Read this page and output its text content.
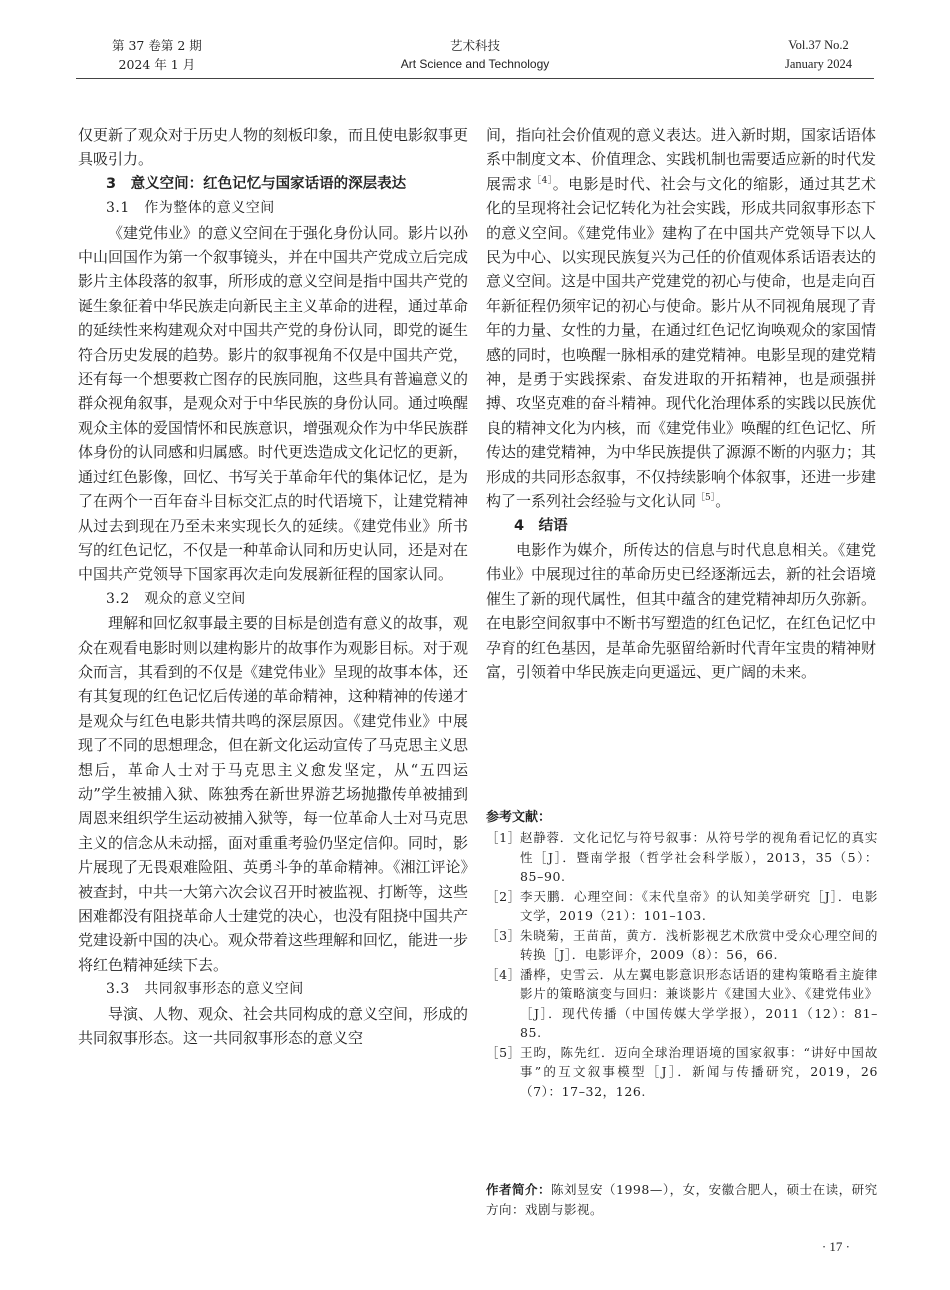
第 37 卷第 2 期
2024 年 1 月
艺术科技
Art Science and Technology
Vol.37 No.2
January 2024

仅更新了观众对于历史人物的刻板印象，而且使电影叙事更具吸引力。

3　意义空间：红色记忆与国家话语的深层表达

3.1　作为整体的意义空间

《建党伟业》的意义空间在于强化身份认同。影片以孙中山回国作为第一个叙事镜头，并在中国共产党成立后完成影片主体段落的叙事，所形成的意义空间是指中国共产党的诞生象征着中华民族走向新民主主义革命的进程，通过革命的延续性来构建观众对中国共产党的身份认同，即党的诞生符合历史发展的趋势。影片的叙事视角不仅是中国共产党，还有每一个想要救亡图存的民族同胞，这些具有普遍意义的群众视角叙事，是观众对于中华民族的身份认同。通过唤醒观众主体的爱国情怀和民族意识，增强观众作为中华民族群体身份的认同感和归属感。时代更迭造成文化记忆的更新，通过红色影像，回忆、书写关于革命年代的集体记忆，是为了在两个一百年奋斗目标交汇点的时代语境下，让建党精神从过去到现在乃至未来实现长久的延续。《建党伟业》所书写的红色记忆，不仅是一种革命认同和历史认同，还是对在中国共产党领导下国家再次走向发展新征程的国家认同。

3.2　观众的意义空间

理解和回忆叙事最主要的目标是创造有意义的故事，观众在观看电影时则以建构影片的故事作为观影目标。对于观众而言，其看到的不仅是《建党伟业》呈现的故事本体，还有其复现的红色记忆后传递的革命精神，这种精神的传递才是观众与红色电影共情共鸣的深层原因。《建党伟业》中展现了不同的思想理念，但在新文化运动宣传了马克思主义思想后，革命人士对于马克思主义愈发坚定，从“五四运动”学生被捕入狱、陈独秀在新世界游艺场抛撒传单被捕到周恩来组织学生运动被捕入狱等，每一位革命人士对马克思主义的信念从未动摇，面对重重考验仍坚定信仰。同时，影片展现了无畏艰难险阻、英勇斗争的革命精神。《湘江评论》被查封，中共一大第六次会议召开时被监视、打断等，这些困难都没有阻挠革命人士建党的决心，也没有阻挠中国共产党建设新中国的决心。观众带着这些理解和回忆，能进一步将红色精神延续下去。

3.3　共同叙事形态的意义空间

导演、人物、观众、社会共同构成的意义空间，形成的共同叙事形态。这一共同叙事形态的意义空

间，指向社会价值观的意义表达。进入新时期，国家话语体系中制度文本、价值理念、实践机制也需要适应新的时代发展需求$^{[4]}$。电影是时代、社会与文化的缩影，通过其艺术化的呈现将社会记忆转化为社会实践，形成共同叙事形态下的意义空间。《建党伟业》建构了在中国共产党领导下以人民为中心、以实现民族复兴为己任的价值观体系话语表达的意义空间。这是中国共产党建党的初心与使命，也是走向百年新征程仍须牢记的初心与使命。影片从不同视角展现了青年的力量、女性的力量，在通过红色记忆询唤观众的家国情感的同时，也唤醒一脉相承的建党精神。电影呈现的建党精神，是勇于实践探索、奋发进取的开拓精神，也是顽强拼搏、攻坚克难的奋斗精神。现代化治理体系的实践以民族优良的精神文化为内核，而《建党伟业》唤醒的红色记忆、所传达的建党精神，为中华民族提供了源源不断的内驱力；其形成的共同形态叙事，不仅持续影响个体叙事，还进一步建构了一系列社会经验与文化认同$^{[5]}$。

4　结语

电影作为媒介，所传达的信息与时代息息相关。《建党伟业》中展现过往的革命历史已经逐渐远去，新的社会语境催生了新的现代属性，但其中蕴含的建党精神却历久弥新。在电影空间叙事中不断书写塑造的红色记忆，在红色记忆中孕育的红色基因，是革命先驱留给新时代青年宝贵的精神财富，引领着中华民族走向更遥远、更广阔的未来。

参考文献：
［1］ 赵静蓉．文化记忆与符号叙事：从符号学的视角看记忆的真实性［J］．暨南学报（哲学社会科学版），2013，35（5）：85–90.
［2］ 李天鹏．心理空间：《末代皇帝》的认知美学研究［J］．电影文学，2019（21）：101–103.
［3］ 朱晓菊，王苗苗，黄方．浅析影视艺术欣赏中受众心理空间的转换［J］．电影评介，2009（8）：56，66.
［4］ 潘桦，史雪云．从左翼电影意识形态话语的建构策略看主旋律影片的策略演变与回归：兼谈影片《建国大业》、《建党伟业》［J］．现代传播（中国传媒大学学报），2011（12）：81–85.
［5］ 王昀，陈先红．迈向全球治理语境的国家叙事：“讲好中国故事”的互文叙事模型［J］．新闻与传播研究，2019，26（7）：17–32，126.
作者简介：陈刘昱安（1998—），女，安徽合肥人，硕士在读，研究方向：戏剧与影视。
· 17 ·
